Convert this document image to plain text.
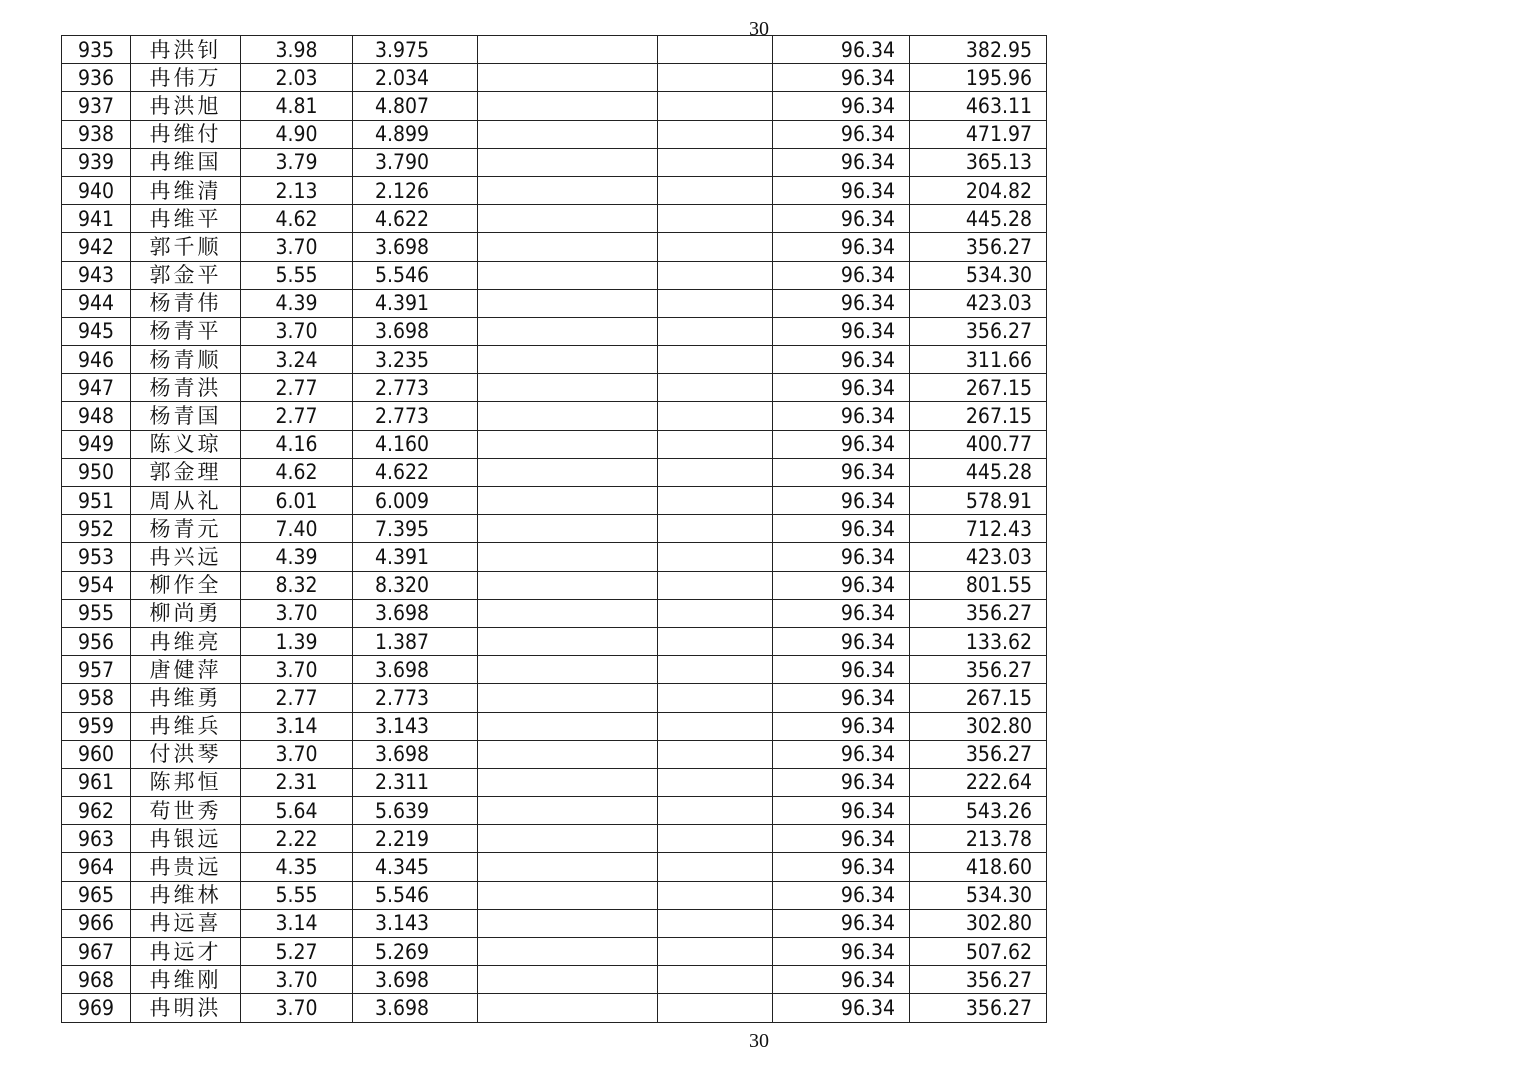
30
935	冉洪钊	3.98	3.975			96.34	382.95
936	冉伟万	2.03	2.034			96.34	195.96
937	冉洪旭	4.81	4.807			96.34	463.11
938	冉维付	4.90	4.899			96.34	471.97
939	冉维国	3.79	3.790			96.34	365.13
940	冉维清	2.13	2.126			96.34	204.82
941	冉维平	4.62	4.622			96.34	445.28
942	郭千顺	3.70	3.698			96.34	356.27
943	郭金平	5.55	5.546			96.34	534.30
944	杨青伟	4.39	4.391			96.34	423.03
945	杨青平	3.70	3.698			96.34	356.27
946	杨青顺	3.24	3.235			96.34	311.66
947	杨青洪	2.77	2.773			96.34	267.15
948	杨青国	2.77	2.773			96.34	267.15
949	陈义琼	4.16	4.160			96.34	400.77
950	郭金理	4.62	4.622			96.34	445.28
951	周从礼	6.01	6.009			96.34	578.91
952	杨青元	7.40	7.395			96.34	712.43
953	冉兴远	4.39	4.391			96.34	423.03
954	柳作全	8.32	8.320			96.34	801.55
955	柳尚勇	3.70	3.698			96.34	356.27
956	冉维亮	1.39	1.387			96.34	133.62
957	唐健萍	3.70	3.698			96.34	356.27
958	冉维勇	2.77	2.773			96.34	267.15
959	冉维兵	3.14	3.143			96.34	302.80
960	付洪琴	3.70	3.698			96.34	356.27
961	陈邦恒	2.31	2.311			96.34	222.64
962	苟世秀	5.64	5.639			96.34	543.26
963	冉银远	2.22	2.219			96.34	213.78
964	冉贵远	4.35	4.345			96.34	418.60
965	冉维林	5.55	5.546			96.34	534.30
966	冉远喜	3.14	3.143			96.34	302.80
967	冉远才	5.27	5.269			96.34	507.62
968	冉维刚	3.70	3.698			96.34	356.27
969	冉明洪	3.70	3.698			96.34	356.27
30
